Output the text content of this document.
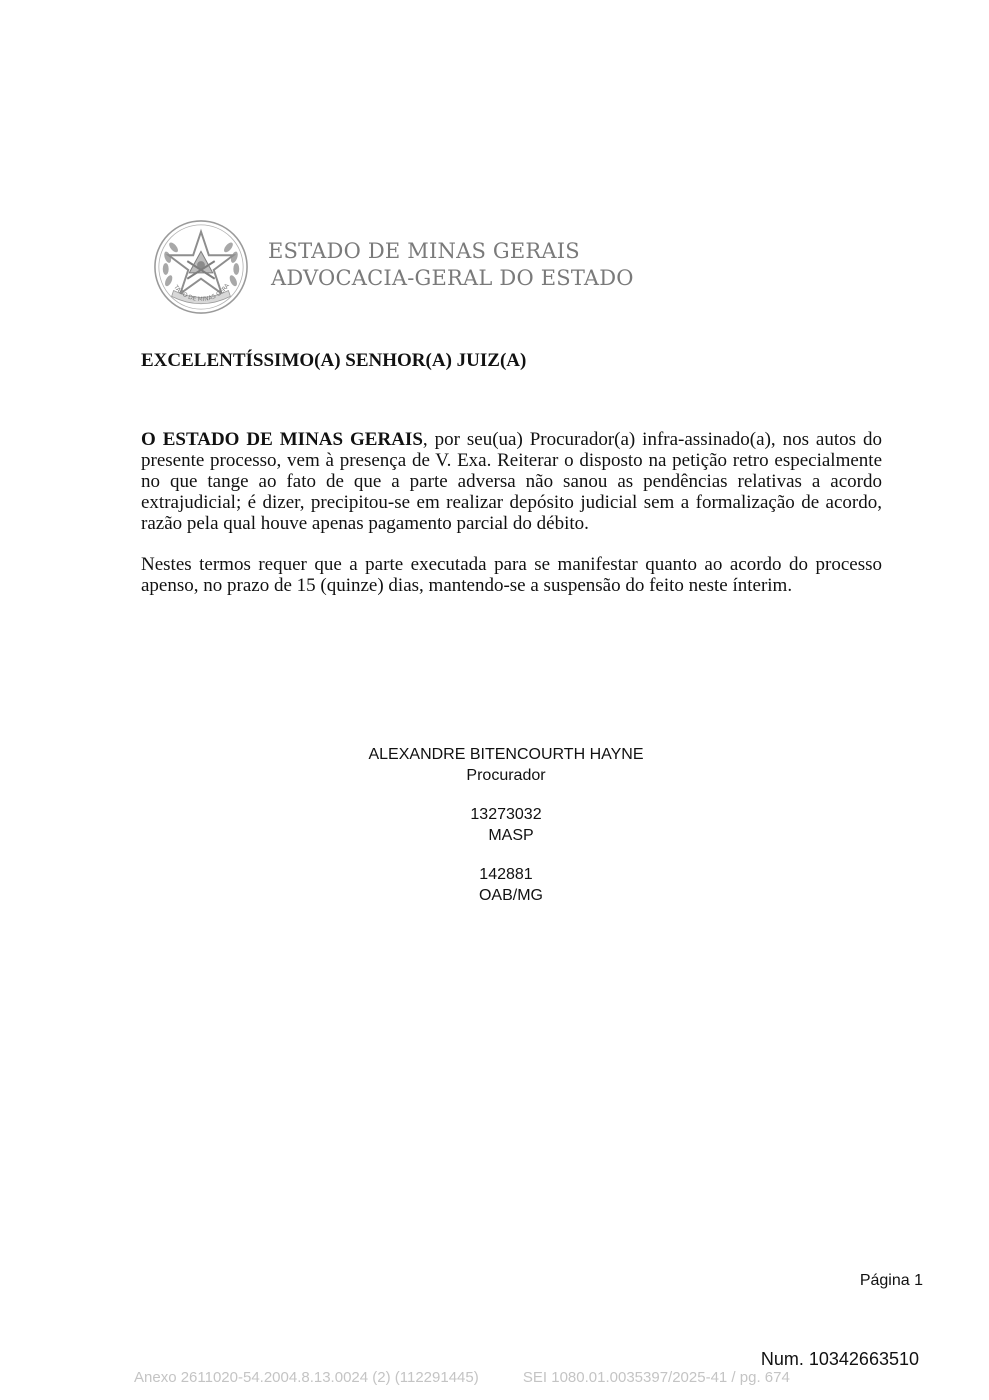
TADO DE MINAS GERA
ESTADO DE MINAS GERAIS
ADVOCACIA-GERAL DO ESTADO
EXCELENTÍSSIMO(A) SENHOR(A) JUIZ(A)

O ESTADO DE MINAS GERAIS, por seu(ua) Procurador(a) infra-assinado(a), nos autos do presente processo, vem à presença de V. Exa. Reiterar o disposto na petição retro especialmente no que tange ao fato de que a parte adversa não sanou as pendências relativas a acordo extrajudicial; é dizer, precipitou-se em realizar depósito judicial sem a formalização de acordo, razão pela qual houve apenas pagamento parcial do débito.

Nestes termos requer que a parte executada para se manifestar quanto ao acordo do processo apenso, no prazo de 15 (quinze) dias, mantendo-se a suspensão do feito neste ínterim.

ALEXANDRE BITENCOURTH HAYNE
Procurador
13273032
MASP
142881
OAB/MG
Página 1
Num. 10342663510
Anexo 2611020-54.2004.8.13.0024 (2) (112291445)	SEI 1080.01.0035397/2025-41 / pg. 674
